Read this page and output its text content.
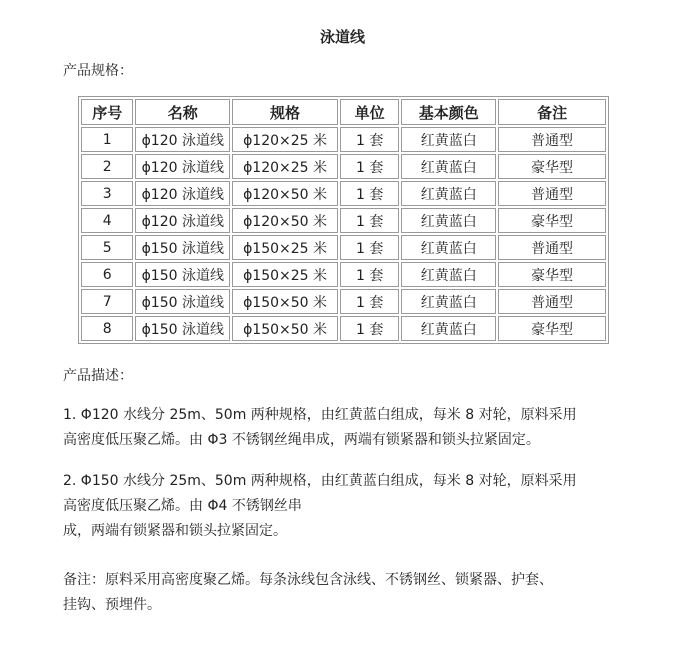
泳道线
产品规格：
序号	名称	规格	单位	基本颜色	备注
1	ϕ120 泳道线	ϕ120×25 米	1 套	红黄蓝白	普通型
2	ϕ120 泳道线	ϕ120×25 米	1 套	红黄蓝白	豪华型
3	ϕ120 泳道线	ϕ120×50 米	1 套	红黄蓝白	普通型
4	ϕ120 泳道线	ϕ120×50 米	1 套	红黄蓝白	豪华型
5	ϕ150 泳道线	ϕ150×25 米	1 套	红黄蓝白	普通型
6	ϕ150 泳道线	ϕ150×25 米	1 套	红黄蓝白	豪华型
7	ϕ150 泳道线	ϕ150×50 米	1 套	红黄蓝白	普通型
8	ϕ150 泳道线	ϕ150×50 米	1 套	红黄蓝白	豪华型
产品描述：
1. Φ120 水线分 25m、50m 两种规格，由红黄蓝白组成，每米 8 对轮，原料采用
高密度低压聚乙烯。由 Φ3 不锈钢丝绳串成，两端有锁紧器和锁头拉紧固定。
2. Φ150 水线分 25m、50m 两种规格，由红黄蓝白组成，每米 8 对轮，原料采用
高密度低压聚乙烯。由 Φ4 不锈钢丝串
成，两端有锁紧器和锁头拉紧固定。
备注：原料采用高密度聚乙烯。每条泳线包含泳线、不锈钢丝、锁紧器、护套、
挂钩、预埋件。
